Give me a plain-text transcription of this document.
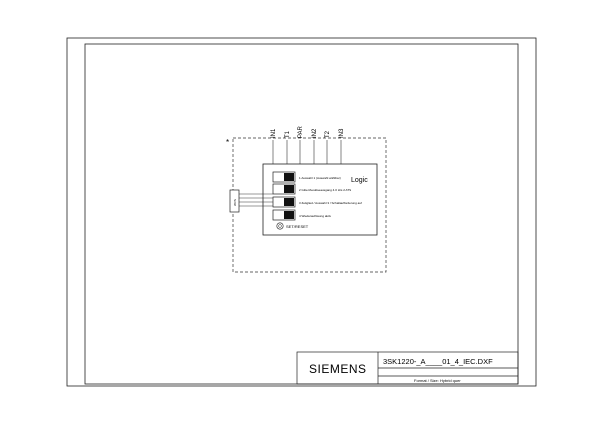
*
IN1 T1 PAR IN2 T2 IN3
Logic
1 Auswahl 1 (Auswahl wählbar)
2 Gitter/Auslöseausgang 4.0 Hrs 2 ATS
3 Zeitglied / Auswahl 3 / Schaltaufforderung auf
4 Wiederauflösung aktiv
SET/RESET
WVS
SIEMENS
3SK1220-_A____01_4_IEC.DXF
Format / Size: Hybrid quer
